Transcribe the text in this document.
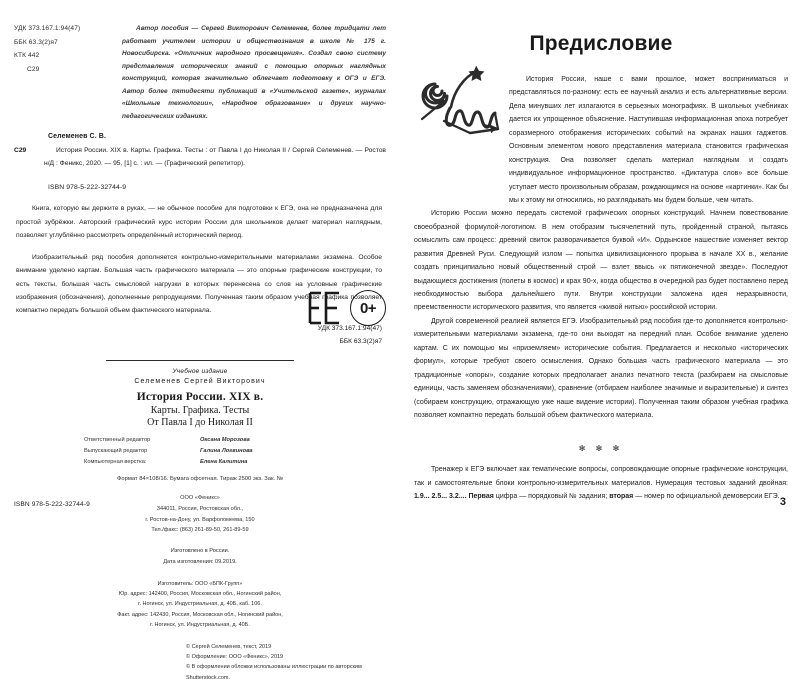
УДК 373.167.1:94(47)
ББК 63.3(2)я7
КТК 442
С29
Автор пособия — Сергей Викторович Селеменев, более тридцати лет работает учителем истории и обществознания в школе № 175 г. Новосибирска. «Отличник народного просвещения». Создал свою систему представления исторических знаний с помощью опорных наглядных конструкций, которая значительно облегчает подготовку к ОГЭ и ЕГЭ. Автор более пятидесяти публикаций в «Учительской газете», журналах «Школьные технологии», «Народное образование» и других научно-педагогических изданиях.
Селеменев С. В.
С29	История России. XIX в. Карты. Графика. Тесты : от Павла I до Николая II / Сергей Селеменев. — Ростов н/Д : Феникс, 2020. — 95, [1] с. : ил. — (Графический репетитор).
ISBN 978-5-222-32744-9
Книга, которую вы держите в руках, — не обычное пособие для подготовки к ЕГЭ, она не предназначена для простой зубрёжки. Авторский графический курс истории России для школьников делает материал наглядным, позволяет углублённо рассмотреть определённый исторический период.
Изобразительный ряд пособия дополняется контрольно-измерительными материалами экзамена. Особое внимание уделено картам. Большая часть графического материала — это опорные графические конструкции, то есть тексты, большая часть смысловой нагрузки в которых перенесена со слов на условные графические изображения (обозначения), дополненные репродукциями. Полученная таким образом учебная графика позволяет компактно передать большой объем фактического материала.
УДК 373.167.1:94(47)
ББК 63.3(2)я7
Учебное издание
Селеменев Сергей Викторович
История России. XIX в.
Карты. Графика. Тесты
От Павла I до Николая II
Ответственный редактор	Оксана Морозова
Выпускающий редактор	Галина Логвинова
Компьютерная верстка:	Елена Калитина
Формат 84×108/16. Бумага офсетная. Тираж 2500 экз. Зак. №
ООО «Феникс»
344011, Россия, Ростовская обл.,
г. Ростов-на-Дону, ул. Варфоломеева, 150
Тел./факс: (863) 261-89-50, 261-89-59
Изготовлено в России.
Дата изготовления: 09.2019.
Изготовитель: ООО «БПК-Групп»
Юр. адрес: 142400, Россия, Московская обл., Ногинский район,
г. Ногинск, ул. Индустриальная, д. 40Б, каб. 106.
Факт. адрес: 142430, Россия, Московская обл., Ногинский район,
г. Ногинск, ул. Индустриальная, д. 40Б.
© Сергей Селеменев, текст, 2019
© Оформление: ООО «Феникс», 2019
© В оформлении обложки использованы иллюстрации по авторским Shutterstock.com.
ISBN 978-5-222-32744-9
0+
Предисловие

История России, наше с вами прошлое, может восприниматься и представляться по-разному: есть ее научный анализ и есть альтернативные версии. Дела минувших лет излагаются в серьезных монографиях. В школьных учебниках дается их упрощенное объяснение. Наступившая информационная эпоха потребует соразмерного отображения исторических событий на экранах наших гаджетов. Основным элементом нового представления материала становится графическая конструкция. Она позволяет сделать материал наглядным и создать индивидуальное информационное пространство. «Диктатура слов» все больше уступает место произвольным образам, рождающимся на основе «картинки». Как бы мы к этому ни относились, но разглядывать мы будем больше, чем читать.

Историю России можно передать системой графических опорных конструкций. Начнем повествование своеобразной формулой-логотипом. В нем отобразим тысячелетний путь, пройденный страной, пытаясь осмыслить сам процесс: древний свиток разворачивается буквой «И». Ордынское нашествие изменяет вектор развития Древней Руси. Следующий излом — попытка цивилизационного прорыва в начале XX в., желание создать принципиально новый общественный строй — взлет ввысь «к пятиконечной звезде». Последуют выдающиеся достижения (полеты в космос) и крах 90-х, когда общество в очередной раз будет поставлено перед необходимостью выбора дальнейшего пути. Внутри конструкции заложена идея неразрывности, преемственности исторического развития, что является «живой нитью» российской истории.

Другой современной реалией является ЕГЭ. Изобразительный ряд пособия где-то дополняется контрольно-измерительными материалами экзамена, где-то они выходят на передний план. Особое внимание уделено картам. С их помощью мы «приземляем» исторические события. Предлагается и несколько «исторических формул», которые требуют своего осмысления. Однако большая часть графического материала — это традиционные «опоры», создание которых предполагает анализ печатного текста (разбираем на смысловые единицы, часть заменяем обозначениями), сравнение (отбираем наиболее значимые и выразительные) и синтез (собираем конструкцию, отражающую уже наше видение истории). Полученная таким образом учебная графика позволяет компактно передать большой объем фактического материала.

✻ ✻ ✻

Тренажер к ЕГЭ включает как тематические вопросы, сопровождающие опорные графические конструкции, так и самостоятельные блоки контрольно-измерительных материалов. Нумерация тестовых заданий двойная: 1.9... 2.5... 3.2.... Первая цифра — порядковый № задания; вторая — номер по официальной демоверсии ЕГЭ. 3
